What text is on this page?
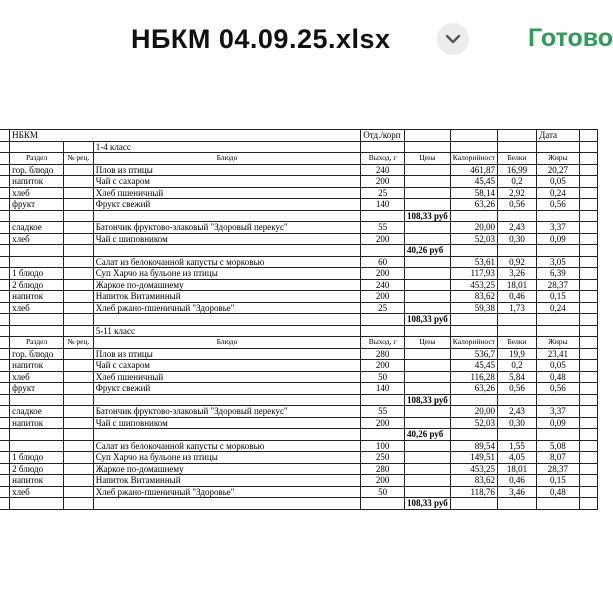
НБКМ 04.09.25.xlsx	Готово
	НБКМ			Отд./корп				Дата	
			1-4 класс						
	Раздел	№ рец.	Блюдо	Выход, г	Цена	Калорийност	Белки	Жиры	
	гор. блюдо		Плов из птицы	240		461,87	16,99	20,27	
	напиток		Чай с сахаром	200		45,45	0,2	0,05	
	хлеб		Хлеб пшеничный	25		58,14	2,92	0,24	
	фрукт		Фрукт свежий	140		63,26	0,56	0,56	
					108,33 руб				
	сладкое		Батончик фруктово-злаковый "Здоровый перекус"	55		20,00	2,43	3,37	
	хлеб		Чай с шиповником	200		52,03	0,30	0,09	
					40,26 руб				
			Салат из белокочанной капусты с морковью	60		53,61	0,92	3,05	
	1 блюдо		Суп Харчо на бульоне из птицы	200		117,93	3,26	6,39	
	2 блюдо		Жаркое по-домашнему	240		453,25	18,01	28,37	
	напиток		Напиток Витаминный	200		83,62	0,46	0,15	
	хлеб		Хлеб ржано-пшеничный "Здоровье"	25		59,38	1,73	0,24	
					108,33 руб				
			5-11 класс						
	Раздел	№ рец.	Блюдо	Выход, г	Цена	Калорийност	Белки	Жиры	
	гор. блюдо		Плов из птицы	280		536,7	19,9	23,41	
	напиток		Чай с сахаром	200		45,45	0,2	0,05	
	хлеб		Хлеб пшеничный	50		116,28	5,84	0,48	
	фрукт		Фрукт свежий	140		63,26	0,56	0,56	
					108,33 руб				
	сладкое		Батончик фруктово-злаковый "Здоровый перекус"	55		20,00	2,43	3,37	
	напиток		Чай с шиповником	200		52,03	0,30	0,09	
					40,26 руб				
			Салат из белокочанной капусты с морковью	100		89,54	1,55	5,08	
	1 блюдо		Суп Харчо на бульоне из птицы	250		149,51	4,05	8,07	
	2 блюдо		Жаркое по-домашнему	280		453,25	18,01	28,37	
	напиток		Напиток Витаминный	200		83,62	0,46	0,15	
	хлеб		Хлеб ржано-пшеничный "Здоровье"	50		118,76	3,46	0,48	
					108,33 руб				
